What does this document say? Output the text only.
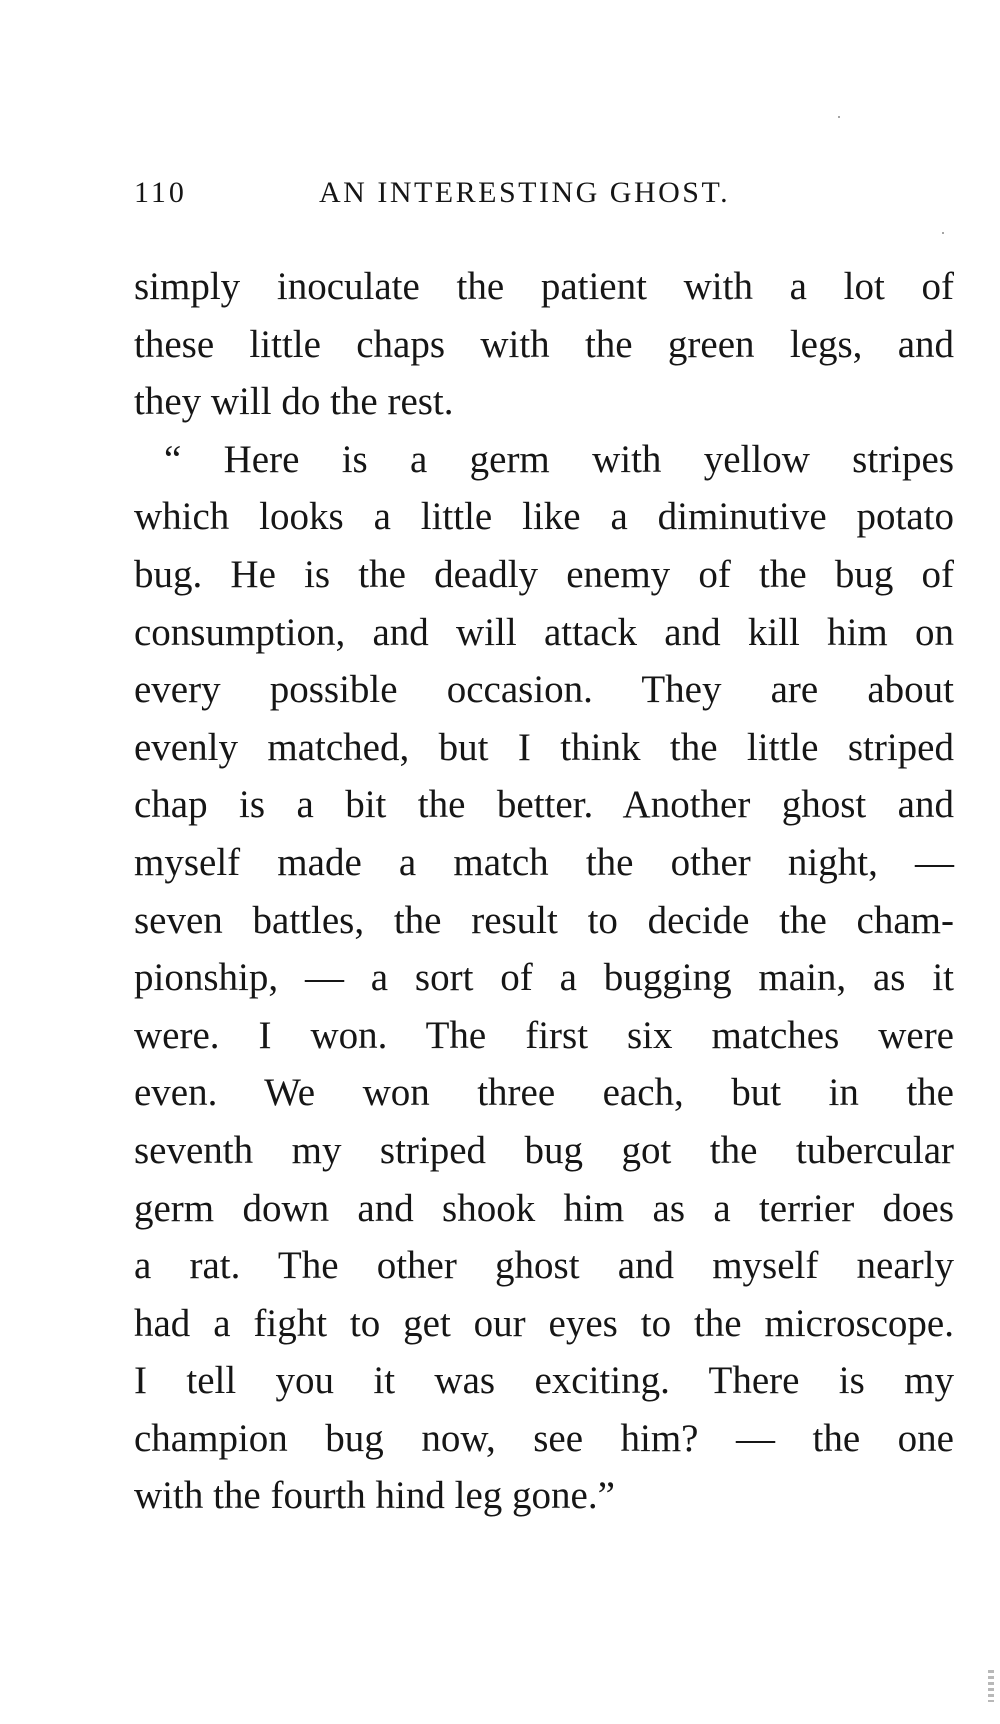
110	AN INTERESTING GHOST.
simply inoculate the patient with a lot of
these little chaps with the green legs, and
they will do the rest.
“ Here is a germ with yellow stripes
which looks a little like a diminutive potato
bug. He is the deadly enemy of the bug of
consumption, and will attack and kill him on
every possible occasion. They are about
evenly matched, but I think the little striped
chap is a bit the better. Another ghost and
myself made a match the other night, —
seven battles, the result to decide the cham-
pionship, — a sort of a bugging main, as it
were. I won. The first six matches were
even. We won three each, but in the
seventh my striped bug got the tubercular
germ down and shook him as a terrier does
a rat. The other ghost and myself nearly
had a fight to get our eyes to the microscope.
I tell you it was exciting. There is my
champion bug now, see him? — the one
with the fourth hind leg gone.”
